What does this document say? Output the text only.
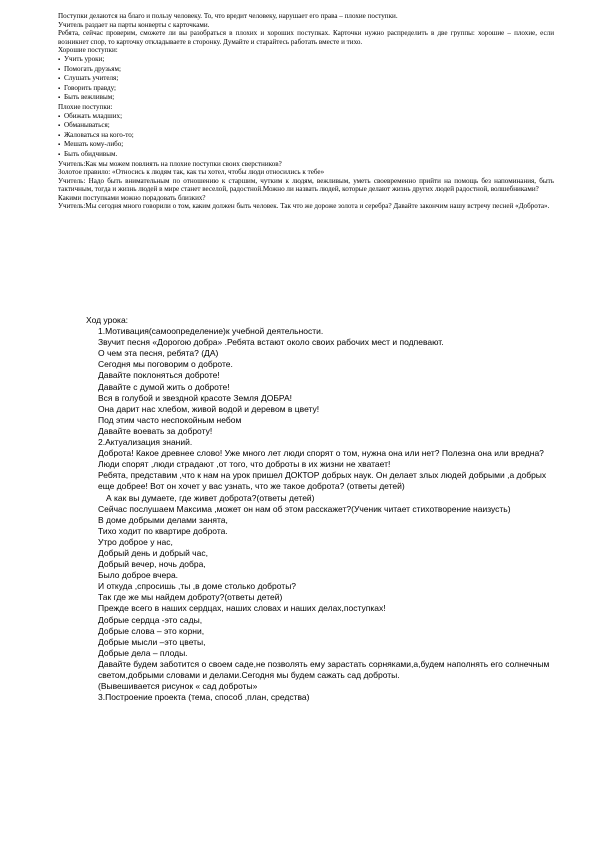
Поступки делаются на благо и пользу человеку. То, что вредит человеку, нарушает его права – плохие поступки.

Учитель раздает на парты конверты с карточками.

Ребята, сейчас проверим, сможете ли вы разобраться в плохих и хороших поступках. Карточки нужно распределить в две группы: хорошие – плохие, если возникнет спор, то карточку откладываете в сторонку. Думайте и старайтесь работать вместе и тихо.

Хорошие поступки:

▪ Учить уроки;
▪ Помогать друзьям;
▪ Слушать учителя;
▪ Говорить правду;
▪ Быть вежливым;

Плохие поступки:

▪ Обижать младших;
▪ Обманываться;
▪ Жаловаться на кого-то;
▪ Мешать кому-либо;
▪ Быть обидчивым.

Учитель:Как мы можем повлиять на плохие поступки своих сверстников?

Золотое правило: «Относись к людям так, как ты хотел, чтобы люди относились к тебе»

Учитель: Надо быть внимательным по отношению к старшим, чутким к людям, вежливым, уметь своевременно прийти на помощь без напоминания, быть тактичным, тогда и жизнь людей в мире станет веселой, радостной.Можно ли назвать людей, которые делают жизнь других людей радостной, волшебниками?

Какими поступками можно порадовать близких?

Учитель:Мы сегодня много говорили о том, каким должен быть человек. Так что же дороже золота и серебра? Давайте закончим нашу встречу песней «Доброта».

Ход урока:

1.Мотивация(самоопределение)к учебной деятельности.

Звучит песня «Дорогою добра» .Ребята встают около своих рабочих мест и подпевают.

О чем эта песня, ребята? (ДА)

Сегодня мы поговорим о доброте.

Давайте поклоняться доброте!

Давайте с думой жить о доброте!

Вся в голубой и звездной красоте Земля ДОБРА!

Она дарит нас хлебом, живой водой и деревом в цвету!

Под этим часто неспокойным небом

Давайте воевать за доброту!

2.Актуализация знаний.

Доброта! Какое древнее слово! Уже много лет люди спорят о том, нужна она или нет? Полезна она или вредна? Люди спорят ,люди страдают ,от того, что доброты в их жизни не хватает!

Ребята, представим ,что к нам на урок пришел ДОКТОР добрых наук. Он делает злых людей добрыми ,а добрых еще добрее! Вот он хочет у вас узнать, что же такое доброта? (ответы детей)

А как вы думаете, где живет доброта?(ответы детей)

Сейчас послушаем Максима ,может он нам об этом расскажет?(Ученик читает стихотворение наизусть)

В доме добрыми делами занята,

Тихо ходит по квартире доброта.

Утро доброе у нас,

Добрый день и добрый час,

Добрый вечер, ночь добра,

Было доброе вчера.

И откуда ,спросишь ,ты ,в доме столько доброты?

Так где же мы найдем доброту?(ответы детей)

Прежде всего в наших сердцах, наших словах и наших делах,поступках!

Добрые сердца -это сады,

Добрые слова – это корни,

Добрые мысли –это цветы,

Добрые дела – плоды.

Давайте будем заботится о своем саде,не позволять ему зарастать сорняками,а,будем наполнять его солнечным светом,добрыми словами и делами.Сегодня мы будем сажать сад доброты.

(Вывешивается рисунок « сад доброты»

3.Построение проекта (тема, способ ,план, средства)
